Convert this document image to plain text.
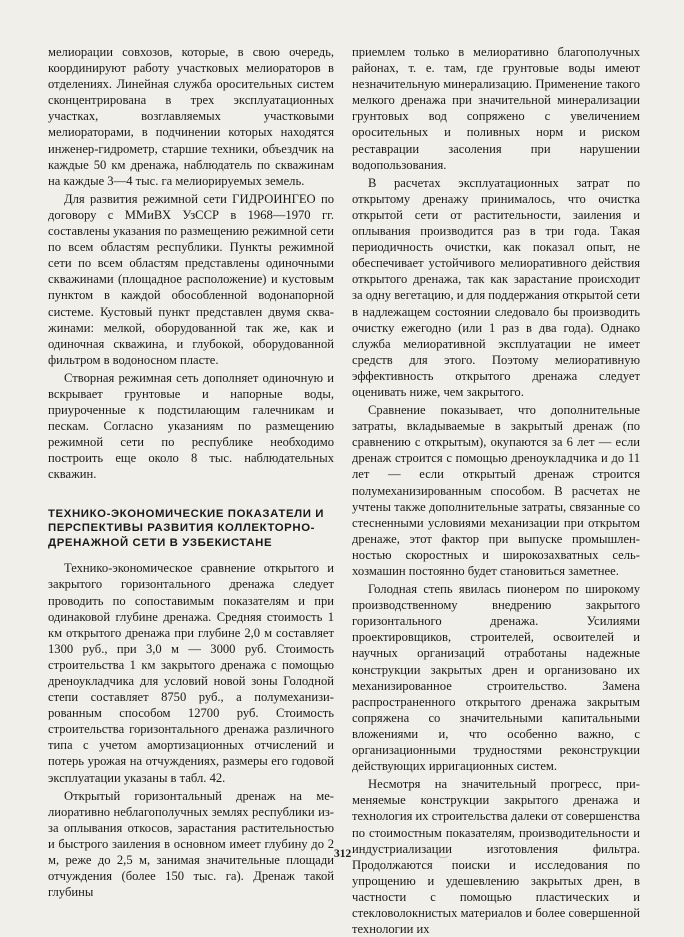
мелиорации совхозов, которые, в свою очередь, координируют работу участковых мелиораторов в отделениях. Линейная служба оросительных систем сконцентрирована в трех эксплуатационных участках, возглавляемых участковыми мелиораторами, в подчинении которых находятся инженер-гидрометр, старшие техники, объездчик на каждые 50 км дренажа, наблюдатель по скважинам на каждые 3—4 тыс. га мелиорируемых земель.

Для развития режимной сети ГИДРОИНГЕО по договору с ММиВХ УзССР в 1968—1970 гг. составлены указания по размещению режимной сети по всем областям республики. Пункты режимной сети по всем областям представлены одиночными скважинами (площадное расположение) и кустовым пунктом в каждой обособленной водонапорной системе. Кустовый пункт представлен двумя скважинами: мелкой, оборудованной так же, как и одиночная скважина, и глубокой, оборудованной фильтром в водоносном пласте.

Створная режимная сеть дополняет одиночную и вскрывает грунтовые и напорные воды, приуроченные к подстилающим галечникам и пескам. Согласно указаниям по размещению режимной сети по республике необходимо построить еще около 8 тыс. наблюдательных скважин.

ТЕХНИКО-ЭКОНОМИЧЕСКИЕ ПОКАЗАТЕЛИ И ПЕРСПЕКТИВЫ РАЗВИТИЯ КОЛЛЕКТОРНО-ДРЕНАЖНОЙ СЕТИ В УЗБЕКИСТАНЕ

Технико-экономическое сравнение открытого и закрытого горизонтального дренажа следует проводить по сопоставимым показателям и при одинаковой глубине дренажа. Средняя стоимость 1 км открытого дренажа при глубине 2,0 м составляет 1300 руб., при 3,0 м — 3000 руб. Стоимость строительства 1 км закрытого дренажа с помощью дреноукладчика для условий новой зоны Голодной степи составляет 8750 руб., а полумеханизированным способом 12700 руб. Стоимость строительства горизонтального дренажа различного типа с учетом амортизационных отчислений и потерь урожая на отчуждениях, размеры его годовой эксплуатации указаны в табл. 42.

Открытый горизонтальный дренаж на мелиоративно неблагополучных землях республики из-за оплывания откосов, зарастания растительностью и быстрого заиления в основном имеет глубину до 2 м, реже до 2,5 м, занимая значительные площади отчуждения (более 150 тыс. га). Дренаж такой глубины

приемлем только в мелиоративно благополучных районах, т. е. там, где грунтовые воды имеют незначительную минерализацию. Применение такого мелкого дренажа при значительной минерализации грунтовых вод сопряжено с увеличением оросительных и поливных норм и риском реставрации засоления при нарушении водопользования.

В расчетах эксплуатационных затрат по открытому дренажу принималось, что очистка открытой сети от растительности, заиления и оплывания производится раз в три года. Такая периодичность очистки, как показал опыт, не обеспечивает устойчивого мелиоративного действия открытого дренажа, так как зарастание происходит за одну вегетацию, и для поддержания открытой сети в надлежащем состоянии следовало бы производить очистку ежегодно (или 1 раз в два года). Однако служба мелиоративной эксплуатации не имеет средств для этого. Поэтому мелиоративную эффективность открытого дренажа следует оценивать ниже, чем закрытого.

Сравнение показывает, что дополнительные затраты, вкладываемые в закрытый дренаж (по сравнению с открытым), окупаются за 6 лет — если дренаж строится с помощью дреноукладчика и до 11 лет — если открытый дренаж строится полумеханизированным способом. В расчетах не учтены также дополнительные затраты, связанные со стесненными условиями механизации при открытом дренаже, этот фактор при выпуске промышленностью скоростных и широкозахватных сельхозмашин постоянно будет становиться заметнее.

Голодная степь явилась пионером по широкому производственному внедрению закрытого горизонтального дренажа. Усилиями проектировщиков, строителей, освоителей и научных организаций отработаны надежные конструкции закрытых дрен и организовано их механизированное строительство. Замена распространенного открытого дренажа закрытым сопряжена со значительными капитальными вложениями и, что особенно важно, с организационными трудностями реконструкции действующих ирригационных систем.

Несмотря на значительный прогресс, применяемые конструкции закрытого дренажа и технология их строительства далеки от совершенства по стоимостным показателям, производительности и индустриализации изготовления фильтра. Продолжаются поиски и исследования по упрощению и удешевлению закрытых дрен, в частности с помощью пластических и стекловолокнистых материалов и более совершенной технологии их

312
